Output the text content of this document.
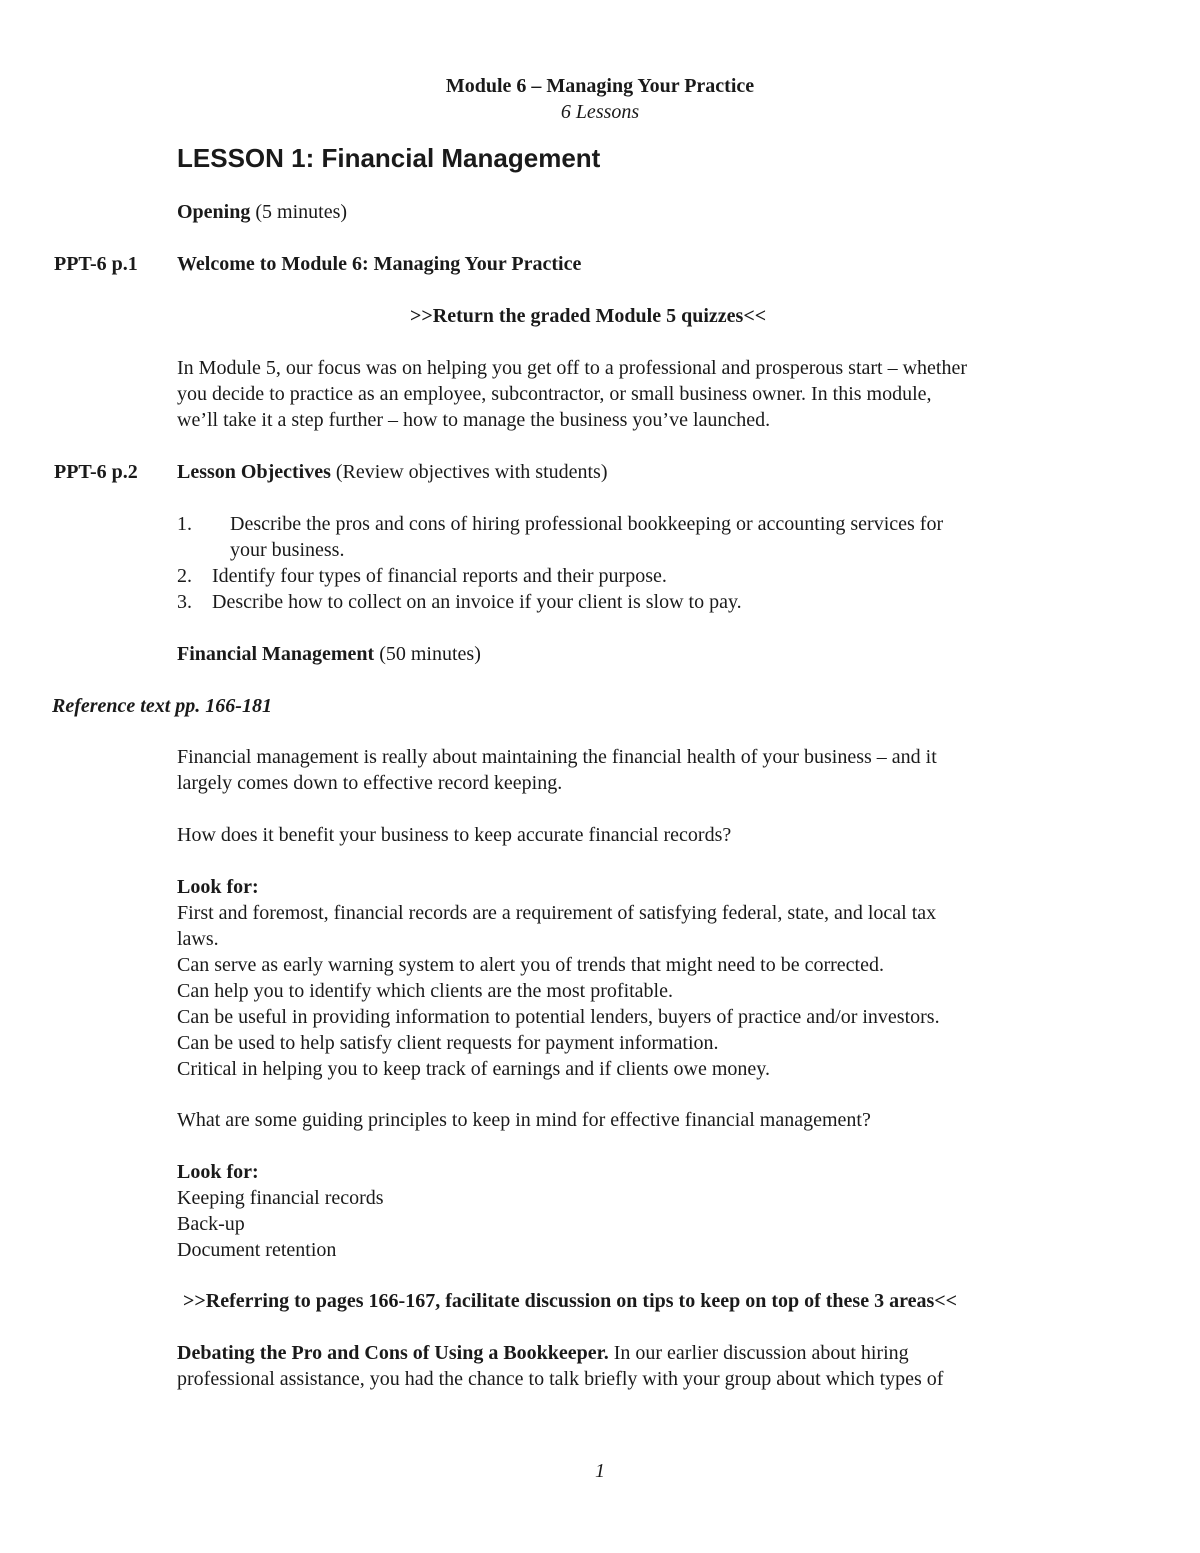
Module 6 – Managing Your Practice
6 Lessons
LESSON 1: Financial Management
Opening (5 minutes)
PPT-6 p.1 Welcome to Module 6: Managing Your Practice
>>Return the graded Module 5 quizzes<<
In Module 5, our focus was on helping you get off to a professional and prosperous start – whether
you decide to practice as an employee, subcontractor, or small business owner. In this module,
we’ll take it a step further – how to manage the business you’ve launched.
PPT-6 p.2 Lesson Objectives (Review objectives with students)
1. Describe the pros and cons of hiring professional bookkeeping or accounting services for
your business.
2. Identify four types of financial reports and their purpose.
3. Describe how to collect on an invoice if your client is slow to pay.
Financial Management (50 minutes)
Reference text pp. 166-181
Financial management is really about maintaining the financial health of your business – and it
largely comes down to effective record keeping.
How does it benefit your business to keep accurate financial records?
Look for:
First and foremost, financial records are a requirement of satisfying federal, state, and local tax
laws.
Can serve as early warning system to alert you of trends that might need to be corrected.
Can help you to identify which clients are the most profitable.
Can be useful in providing information to potential lenders, buyers of practice and/or investors.
Can be used to help satisfy client requests for payment information.
Critical in helping you to keep track of earnings and if clients owe money.
What are some guiding principles to keep in mind for effective financial management?
Look for:
Keeping financial records
Back-up
Document retention
>>Referring to pages 166-167, facilitate discussion on tips to keep on top of these 3 areas<<
Debating the Pro and Cons of Using a Bookkeeper. In our earlier discussion about hiring
professional assistance, you had the chance to talk briefly with your group about which types of
1
